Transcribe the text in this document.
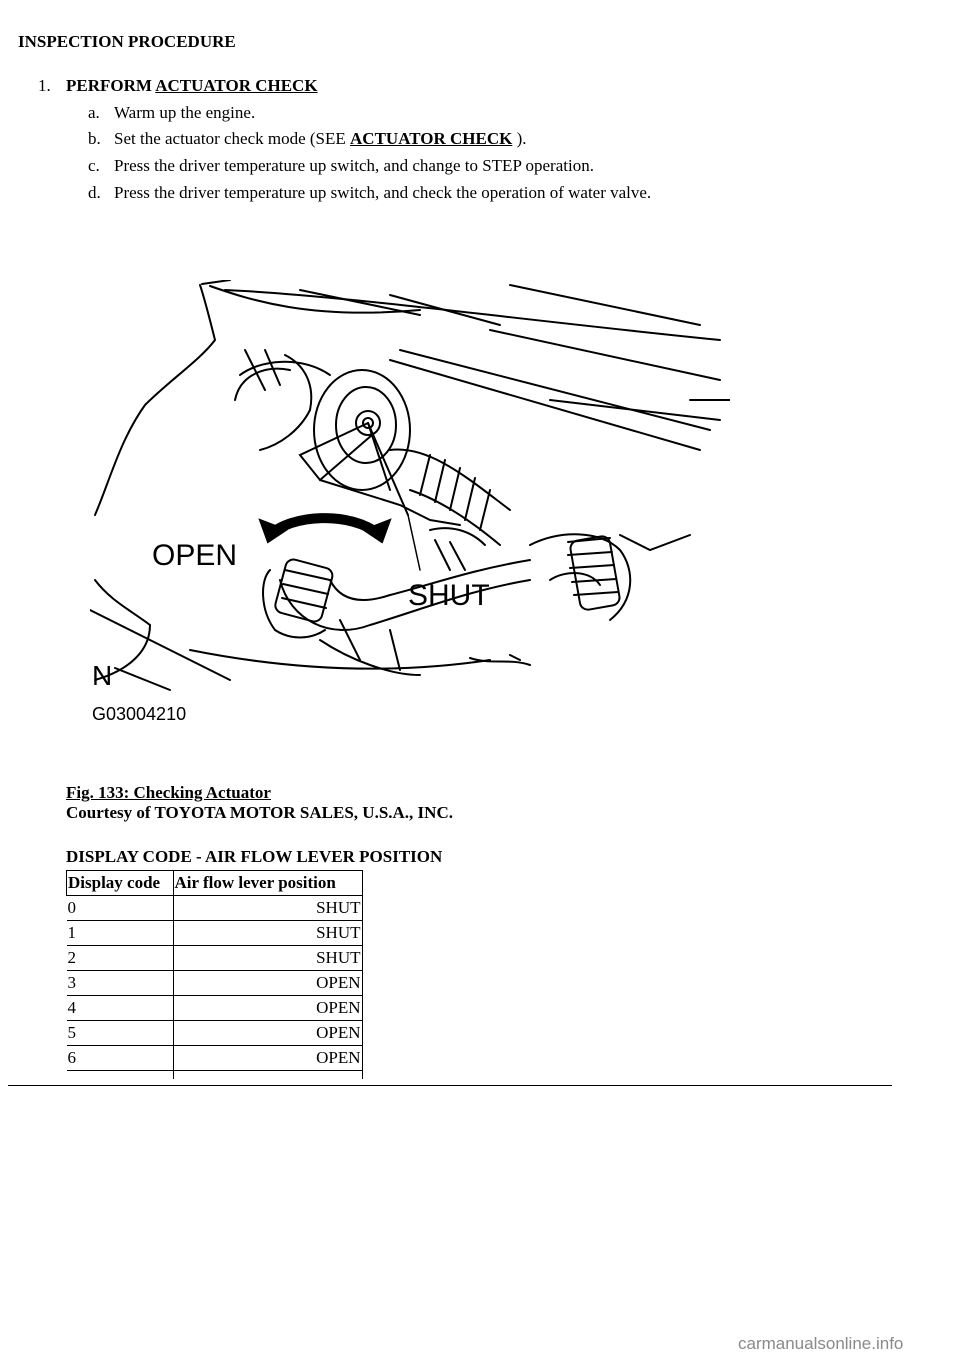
INSPECTION PROCEDURE
1. PERFORM ACTUATOR CHECK
a. Warm up the engine.
b. Set the actuator check mode (SEE ACTUATOR CHECK ).
c. Press the driver temperature up switch, and change to STEP operation.
d. Press the driver temperature up switch, and check the operation of water valve.
OPEN
SHUT
N
G03004210
Fig. 133: Checking Actuator
Courtesy of TOYOTA MOTOR SALES, U.S.A., INC.
DISPLAY CODE - AIR FLOW LEVER POSITION
Display code	Air flow lever position
0	SHUT
1	SHUT
2	SHUT
3	OPEN
4	OPEN
5	OPEN
6	OPEN

carmanualsonline.info
